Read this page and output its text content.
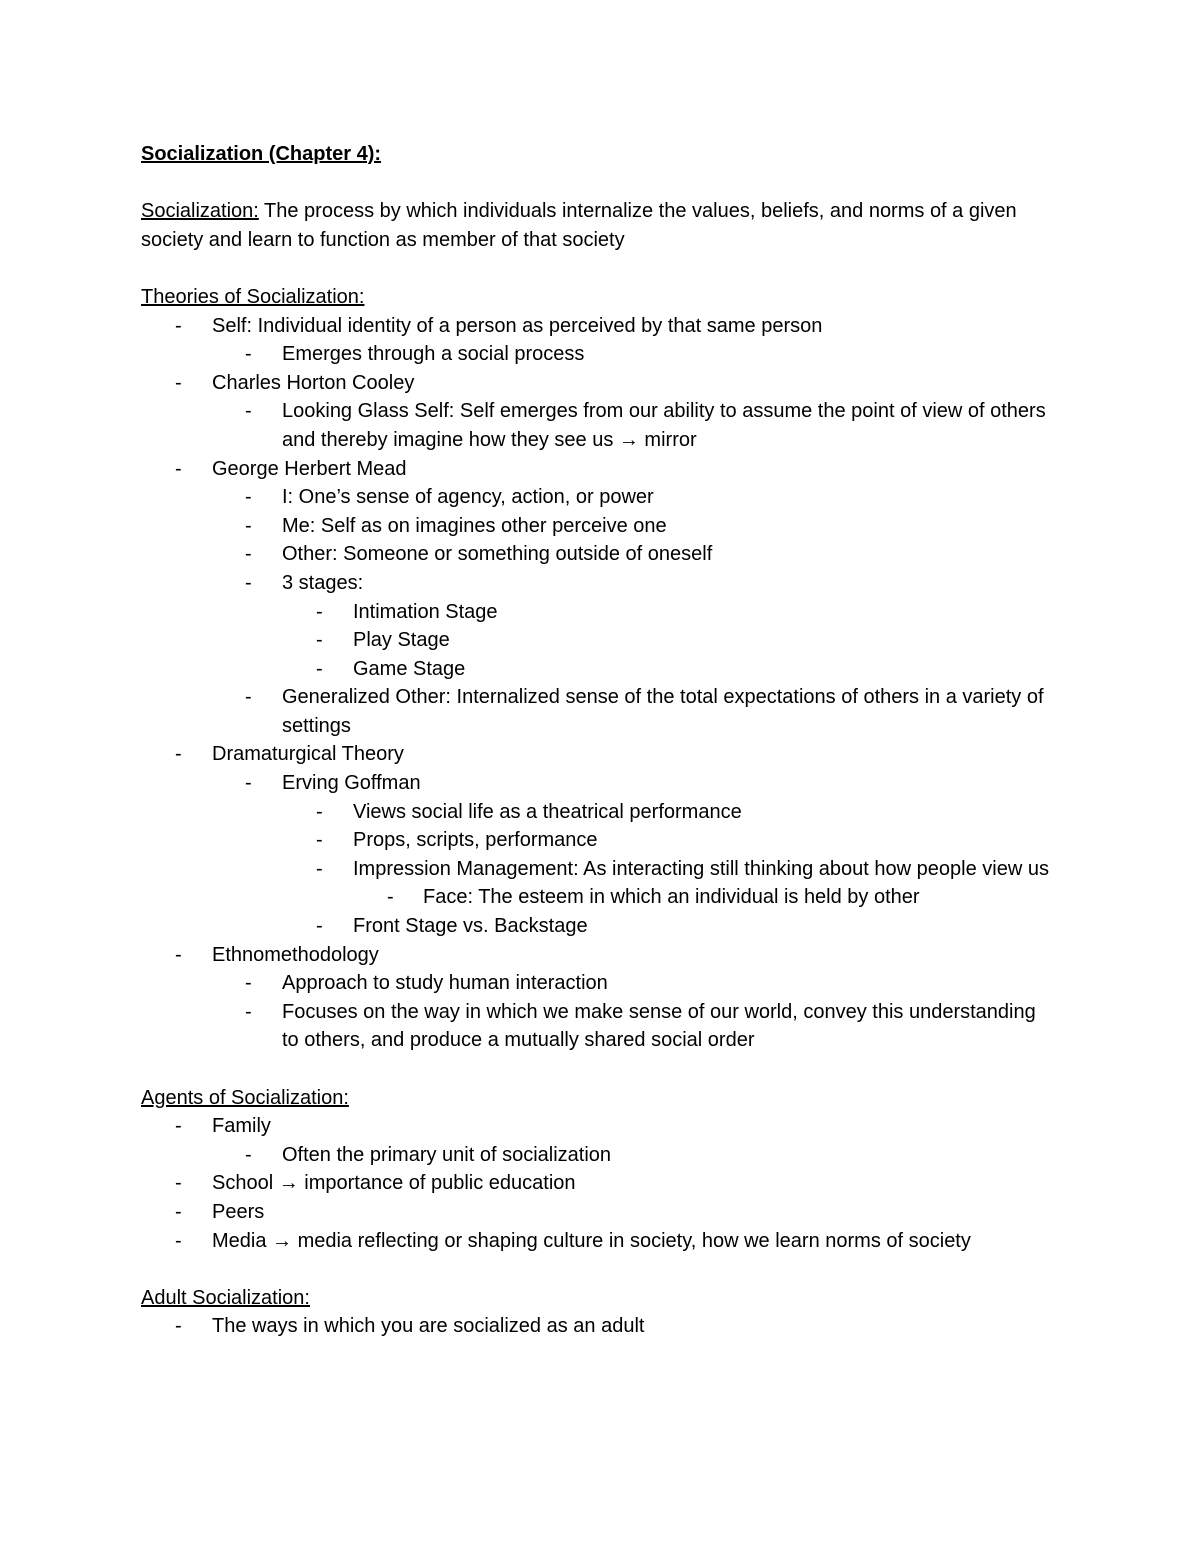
Socialization (Chapter 4):

Socialization: The process by which individuals internalize the values, beliefs, and norms of a given society and learn to function as member of that society

Theories of Socialization:

- Self: Individual identity of a person as perceived by that same person
- Emerges through a social process
- Charles Horton Cooley
- Looking Glass Self: Self emerges from our ability to assume the point of view of others and thereby imagine how they see us → mirror
- George Herbert Mead
- I: One’s sense of agency, action, or power
- Me: Self as on imagines other perceive one
- Other: Someone or something outside of oneself
- 3 stages:
- Intimation Stage
- Play Stage
- Game Stage
- Generalized Other: Internalized sense of the total expectations of others in a variety of settings
- Dramaturgical Theory
- Erving Goffman
- Views social life as a theatrical performance
- Props, scripts, performance
- Impression Management: As interacting still thinking about how people view us
- Face: The esteem in which an individual is held by other
- Front Stage vs. Backstage
- Ethnomethodology
- Approach to study human interaction
- Focuses on the way in which we make sense of our world, convey this understanding to others, and produce a mutually shared social order

Agents of Socialization:

- Family
- Often the primary unit of socialization
- School → importance of public education
- Peers
- Media → media reflecting or shaping culture in society, how we learn norms of society

Adult Socialization:

- The ways in which you are socialized as an adult
